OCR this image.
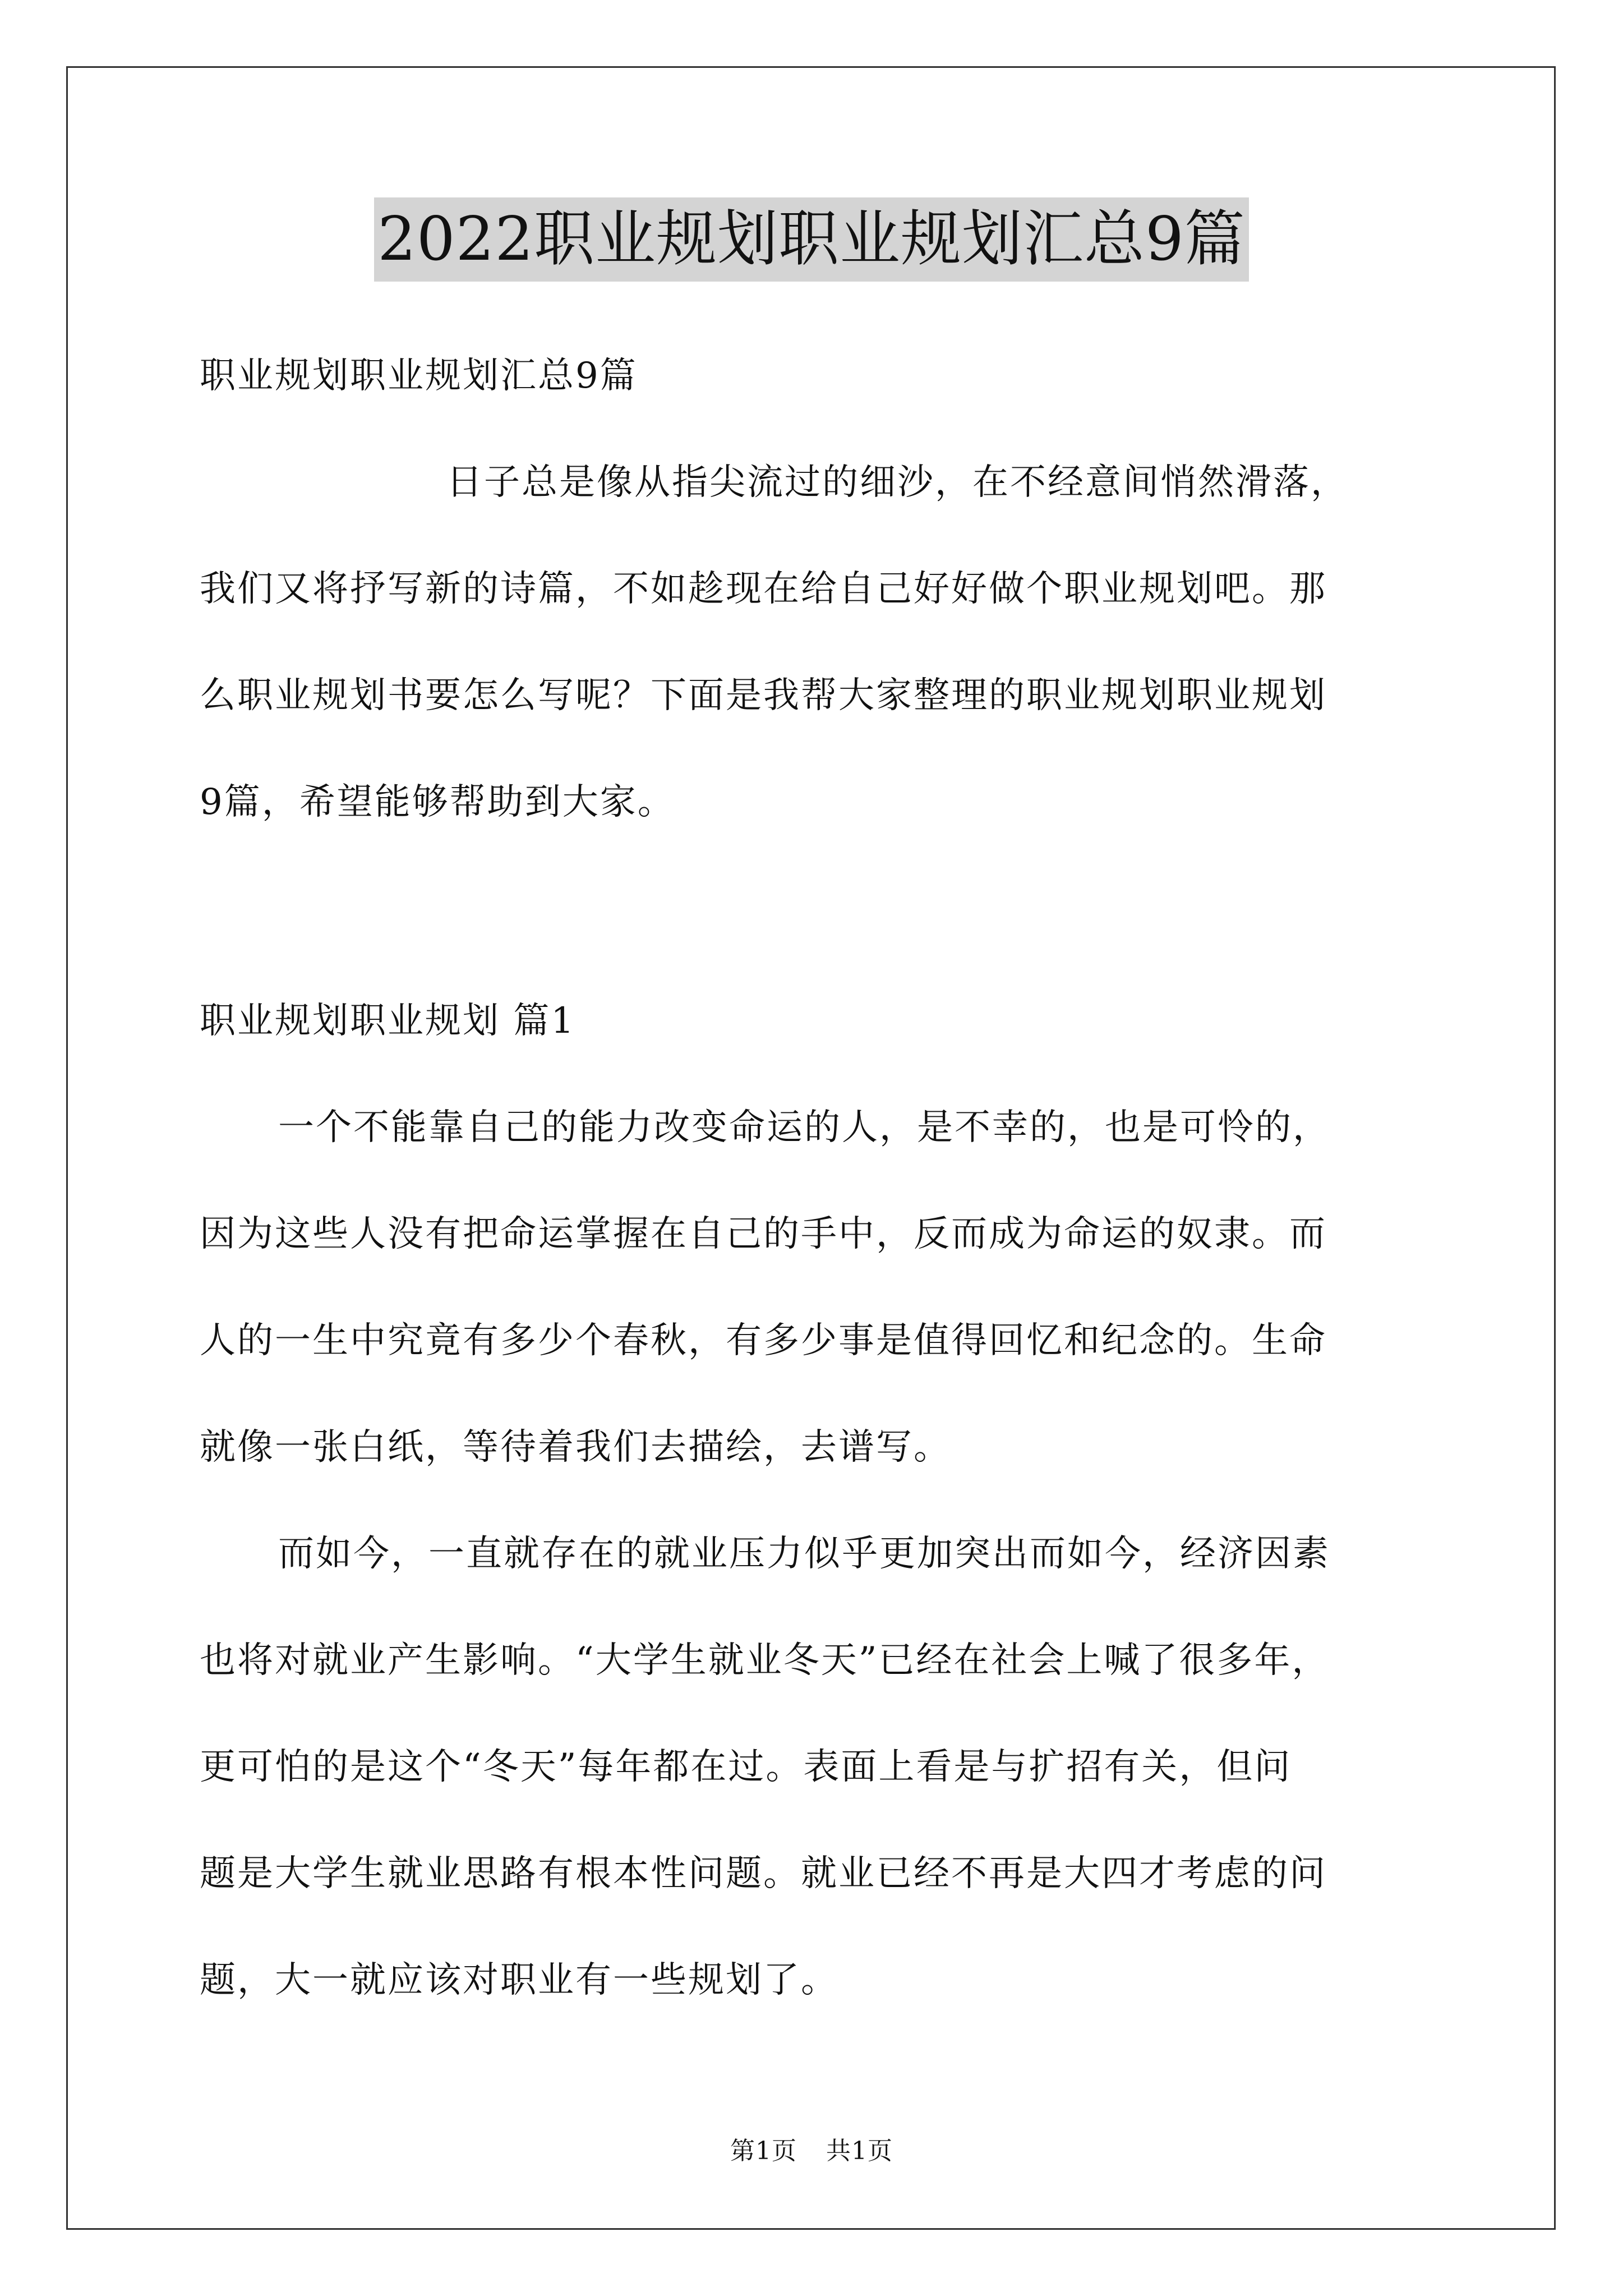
2022职业规划职业规划汇总9篇
职业规划职业规划汇总9篇
日子总是像从指尖流过的细沙，在不经意间悄然滑落，
我们又将抒写新的诗篇，不如趁现在给自己好好做个职业规划吧。那
么职业规划书要怎么写呢？下面是我帮大家整理的职业规划职业规划
9篇，希望能够帮助到大家。
职业规划职业规划 篇1
一个不能靠自己的能力改变命运的人，是不幸的，也是可怜的，
因为这些人没有把命运掌握在自己的手中，反而成为命运的奴隶。而
人的一生中究竟有多少个春秋，有多少事是值得回忆和纪念的。生命
就像一张白纸，等待着我们去描绘，去谱写。
而如今，一直就存在的就业压力似乎更加突出而如今，经济因素
也将对就业产生影响。“大学生就业冬天”已经在社会上喊了很多年，
更可怕的是这个“冬天”每年都在过。表面上看是与扩招有关，但问
题是大学生就业思路有根本性问题。就业已经不再是大四才考虑的问
题，大一就应该对职业有一些规划了。
第1页 共1页
